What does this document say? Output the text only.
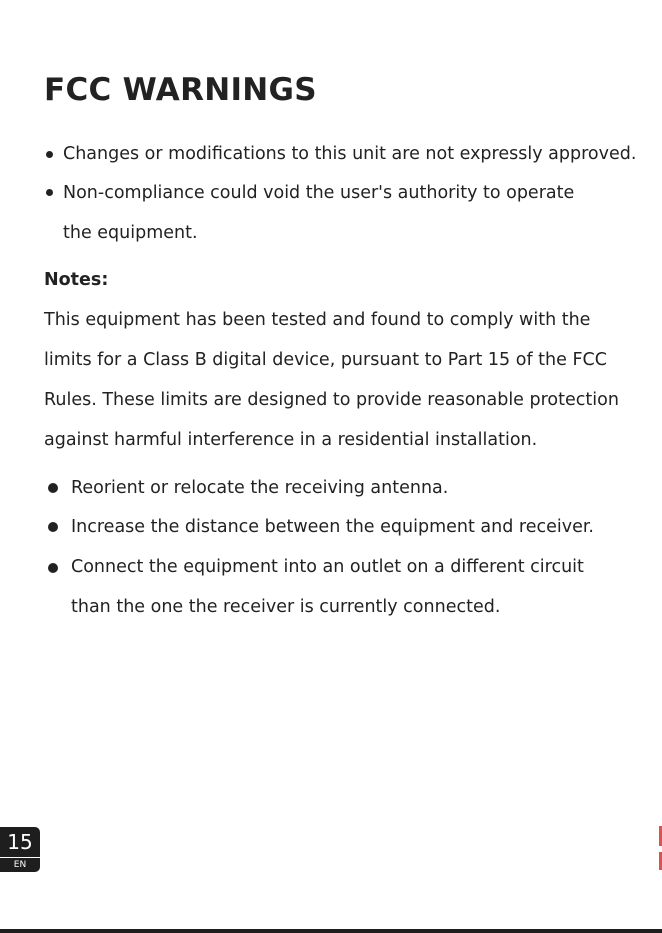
FCC WARNINGS
Changes or modifications to this unit are not expressly approved.
Non-compliance could void the user's authority to operate
the equipment.
Notes:
This equipment has been tested and found to comply with the
limits for a Class B digital device, pursuant to Part 15 of the FCC
Rules. These limits are designed to provide reasonable protection
against harmful interference in a residential installation.
Reorient or relocate the receiving antenna.
Increase the distance between the equipment and receiver.
Connect the equipment into an outlet on a different circuit
than the one the receiver is currently connected.
15
EN
